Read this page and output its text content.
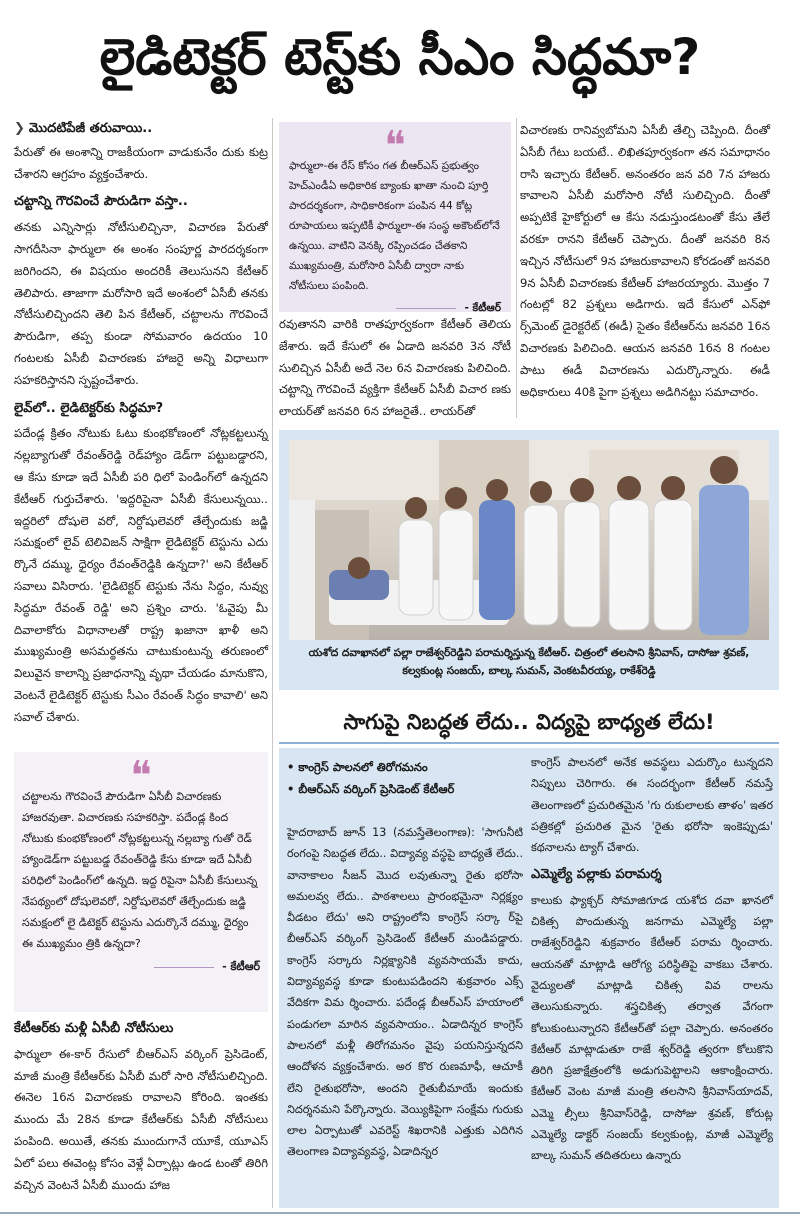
లైడిటెక్టర్ టెస్ట్‌కు సీఎం సిద్ధమా?
❯ మొదటిపేజీ తరువాయి..

పేరుతో ఈ అంశాన్ని రాజకీయంగా వాడుకునేం దుకు కుట్ర చేశారని ఆగ్రహం వ్యక్తంచేశారు.

చట్టాన్ని గౌరవించే పౌరుడిగా వస్తా..

తనకు ఎన్నిసార్లు నోటీసులిచ్చినా, విచారణ పేరుతో సాగదీసినా ఫార్ములా ఈ అంశం సంపూర్ణ పారదర్శకంగా జరిగిందని, ఈ విషయం అందరికీ తెలుసునని కేటీఆర్ తెలిపారు. తాజాగా మరోసారి ఇదే అంశంలో ఏసీబీ తనకు నోటీసులిచ్చిందని తెలి పిన కేటీఆర్, చట్టాలను గౌరవించే పౌరుడిగా, తప్ప కుండా సోమవారం ఉదయం 10 గంటలకు ఏసీబీ విచారణకు హాజరై అన్ని విధాలుగా సహకరిస్తానని స్పష్టంచేశారు.

లైవ్‌లో.. లైడిటెక్టర్‌కు సిద్ధమా?

పదేండ్ల క్రితం నోటుకు ఓటు కుంభకోణంలో నోట్లకట్టలున్న నల్లబ్యాగుతో రేవంత్‌రెడ్డి రెడ్‌హ్యాం డెడ్‌గా పట్టుబడ్డారని, ఆ కేసు కూడా ఇదే ఏసీబీ పరి ధిలో పెండింగ్‌లో ఉన్నదని కేటీఆర్ గుర్తుచేశారు. 'ఇద్దరిపైనా ఏసీబీ కేసులున్నయి.. ఇద్దరిలో దోషులె వరో, నిర్దోషులెవరో తేల్చేందుకు జడ్జి సమక్షంలో లైవ్ టెలివిజన్ సాక్షిగా లైడిటెక్టర్ టెస్టును ఎదు ర్కొనే దమ్ము, ధైర్యం రేవంత్‌రెడ్డికి ఉన్నదా?' అని కేటీఆర్ సవాలు విసిరారు. 'లైడిటెక్టర్ టెస్టుకు నేను సిద్ధం, నువ్వు సిద్ధమా రేవంత్ రెడ్డి' అని ప్రశ్నిం చారు. 'ఓవైపు మీ దివాలాకోరు విధానాలతో రాష్ట్ర ఖజానా ఖాళీ అని ముఖ్యమంత్రి అసమర్థతను చాటుకుంటున్న తరుణంలో విలువైన కాలాన్ని ప్రజాధనాన్ని వృథా చేయడం మానుకొని, వెంటనే లైడిటెక్టర్ టెస్టుకు సీఎం రేవంత్ సిద్ధం కావాలి' అని సవాల్ చేశారు.

❝

చట్టాలను గౌరవించే పౌరుడిగా ఏసీబీ విచారణకు హాజరవుతా. విచారణకు సహకరిస్తా. పదేండ్ల కింద నోటుకు కుంభకోణంలో నోట్లకట్టలున్న నల్లబ్యా గుతో రెడ్ హ్యాండెడ్‌గా పట్టుబడ్డ రేవంత్‌రెడ్డి కేసు కూడా ఇదే ఏసీబీ పరిధిలో పెండింగ్‌లో ఉన్నది. ఇద్ద రిపైనా ఏసీబీ కేసులున్న నేపథ్యంలో దోషులెవరో, నిర్దోషులెవరో తేల్చేందుకు జడ్జి సమక్షంలో లై డిటెక్టర్ టెస్టును ఎదుర్కొనే దమ్ము, ధైర్యం ఈ ముఖ్యమం త్రికి ఉన్నదా?

- కేటీఆర్
కేటీఆర్‌కు మళ్లీ ఏసీబీ నోటీసులు

ఫార్ములా ఈ-కార్ రేసులో బీఆర్‌ఎస్ వర్కింగ్ ప్రెసిడెంట్, మాజీ మంత్రి కేటీఆర్‌కు ఏసీబీ మరో సారి నోటీసులిచ్చింది. ఈనెల 16న విచారణకు రావాలని కోరింది. ఇంతకు ముందు మే 28న కూడా కేటీఆర్‌కు ఏసీబీ నోటీసులు పంపింది. అయితే, తనకు ముందుగానే యూకే, యూఎస్ ఏలో పలు ఈవెంట్ల కోసం వెళ్లే ఏర్పాట్లు ఉండ టంతో తిరిగి వచ్చిన వెంటనే ఏసీబీ ముందు హాజ

❝

ఫార్ములా-ఈ రేస్ కోసం గత బీఆర్‌ఎస్ ప్రభుత్వం హెచ్ఎండీఏ అధికారిక బ్యాంకు ఖాతా నుంచి పూర్తి పారదర్శకంగా, సాధికారికంగా పంపిన 44 కోట్ల రూపాయలు ఇప్పటికీ ఫార్ములా-ఈ సంస్థ అకౌంట్‌లోనే ఉన్నయి. వాటిని వెనక్కి రప్పించడం చేతకాని ముఖ్యమంత్రి, మరోసారి ఏసీబీ ద్వారా నాకు నోటీసులు పంపింది.

- కేటీఆర్

రవుతానని వారికి రాతపూర్వకంగా కేటీఆర్ తెలియ జేశారు. ఇదే కేసులో ఈ ఏడాది జనవరి 3న నోటీ సులిచ్చిన ఏసీబీ అదే నెల 6న విచారణకు పిలిచింది. చట్టాన్ని గౌరవించే వ్యక్తిగా కేటీఆర్ ఏసీబీ విచార ణకు లాయర్‌తో జనవరి 6న హాజరైతే.. లాయర్‌తో

విచారణకు రానివ్వబోమని ఏసీబీ తేల్చి చెప్పింది. దీంతో ఏసీబీ గేటు బయటే.. లిఖితపూర్వకంగా తన సమాధానం రాసి ఇచ్చారు కేటీఆర్. అనంతరం జన వరి 7న హాజరు కావాలని ఏసీబీ మరోసారి నోటీ సులిచ్చింది. దీంతో అప్పటికే హైకోర్టులో ఆ కేసు నడుస్తుండటంతో కేసు తేలే వరకూ రానని కేటీఆర్ చెప్పారు. దీంతో జనవరి 8న ఇచ్చిన నోటీసులో 9న హాజరుకావాలని కోరడంతో జనవరి 9న ఏసీబీ విచారణకు కేటీఆర్ హాజరయ్యారు. మొత్తం 7 గంటల్లో 82 ప్రశ్నలు అడిగారు. ఇదే కేసులో ఎన్‌ఫో ర్స్‌మెంట్ డైరెక్టరేట్ (ఈడీ) సైతం కేటీఆర్‌ను జనవరి 16న విచారణకు పిలిచింది. ఆయన జనవరి 16న 8 గంటల పాటు ఈడీ విచారణను ఎదుర్కొన్నారు. ఈడీ అధికారులు 40కి పైగా ప్రశ్నలు అడిగినట్టు సమాచారం.

యశోద దవాఖానలో పల్లా రాజేశ్వర్‌రెడ్డిని పరామర్శిస్తున్న కేటీఆర్. చిత్రంలో తలసాని శ్రీనివాస్, దాసోజు శ్రవణ్, కల్వకుంట్ల సంజయ్, బాల్క సుమన్, వెంకటవీరయ్య, రాకేశ్‌రెడ్డి
సాగుపై నిబద్ధత లేదు.. విద్యపై బాధ్యత లేదు!
• కాంగ్రెస్ పాలనలో తిరోగమనం
• బీఆర్‌ఎస్ వర్కింగ్ ప్రెసిడెంట్ కేటీఆర్

హైదరాబాద్ జూన్ 13 (నమస్తేతెలంగాణ): 'సాగునీటి రంగంపై నిబద్ధత లేదు.. విద్యావ్య వస్థపై బాధ్యతే లేదు.. వానాకాలం సీజన్ మొద లవుతున్నా రైతు భరోసా అమలవ్వ లేదు.. పాఠశాలలు ప్రారంభమైనా నిర్లక్ష్యం వీడటం లేదు' అని రాష్ట్రంలోని కాంగ్రెస్ సర్కా ర్‌పై బీఆర్‌ఎస్ వర్కింగ్ ప్రెసిడెంట్ కేటీఆర్ మండిపడ్డారు. కాంగ్రెస్ సర్కారు నిర్లక్ష్యానికి వ్యవసాయమే కాదు, విద్యావ్యవస్థ కూడా కుంటుపడిందని శుక్రవారం ఎక్స్ వేదికగా విమ ర్శించారు. పదేండ్ల బీఆర్‌ఎస్ హయాంలో పండుగలా మారిన వ్యవసాయం.. ఏడాదిన్నర కాంగ్రెస్ పాలనలో మళ్లీ తిరోగమనం వైపు పయనిస్తున్నదని ఆందోళన వ్యక్తంచేశారు. అర కొర రుణమాఫీ, ఆచూకీ లేని రైతుభరోసా, అందని రైతుబీమాయే ఇందుకు నిదర్శనమని పేర్కొన్నారు. వెయ్యికిపైగా సంక్షేమ గురుకు లాల ఏర్పాటుతో ఎవరెస్ట్ శిఖరానికి ఎత్తుకు ఎదిగిన తెలంగాణ విద్యావ్యవస్థ, ఏడాదిన్నర

కాంగ్రెస్ పాలనలో అనేక అవస్థలు ఎదుర్కొం టున్నదని నిప్పులు చెరిగారు. ఈ సందర్భంగా కేటీఆర్ నమస్తే తెలంగాణలో ప్రచురితమైన 'గు రుకులాలకు తాళం' ఇతర పత్రికల్లో ప్రచురిత మైన 'రైతు భరోసా ఇంకెప్పుడు' కథనాలను ట్యాగ్ చేశారు.

ఎమ్మెల్యే పల్లాకు పరామర్శ

కాలుకు ఫ్యాక్చర్ సోమాజిగూడ యశోద దవా ఖానలో చికిత్స పొందుతున్న జనగామ ఎమ్మెల్యే పల్లా రాజేశ్వర్‌రెడ్డిని శుక్రవారం కేటీఆర్ పరామ ర్శించారు. ఆయనతో మాట్లాడి ఆరోగ్య పరిస్థితిపై వాకబు చేశారు. వైద్యులతో మాట్లాడి చికిత్స వివ రాలను తెలుసుకున్నారు. శస్త్రచికిత్స తర్వాత వేగంగా కోలుకుంటున్నారని కేటీఆర్‌తో పల్లా చెప్పారు. అనంతరం కేటీఆర్ మాట్లాడుతూ రాజే శ్వర్‌రెడ్డి త్వరగా కోలుకొని తిరిగి ప్రజాక్షేత్రంలోకి అడుగుపెట్టాలని ఆకాంక్షించారు. కేటీఆర్ వెంట మాజీ మంత్రి తలసాని శ్రీనివాస్‌యాదవ్, ఎమ్మె ల్సీలు శ్రీనివాస్‌రెడ్డి, దాసోజు శ్రవణ్, కోరుట్ల ఎమ్మెల్యే డాక్టర్ సంజయ్ కల్వకుంట్ల, మాజీ ఎమ్మెల్యే బాల్క సుమన్ తదితరులు ఉన్నారు
